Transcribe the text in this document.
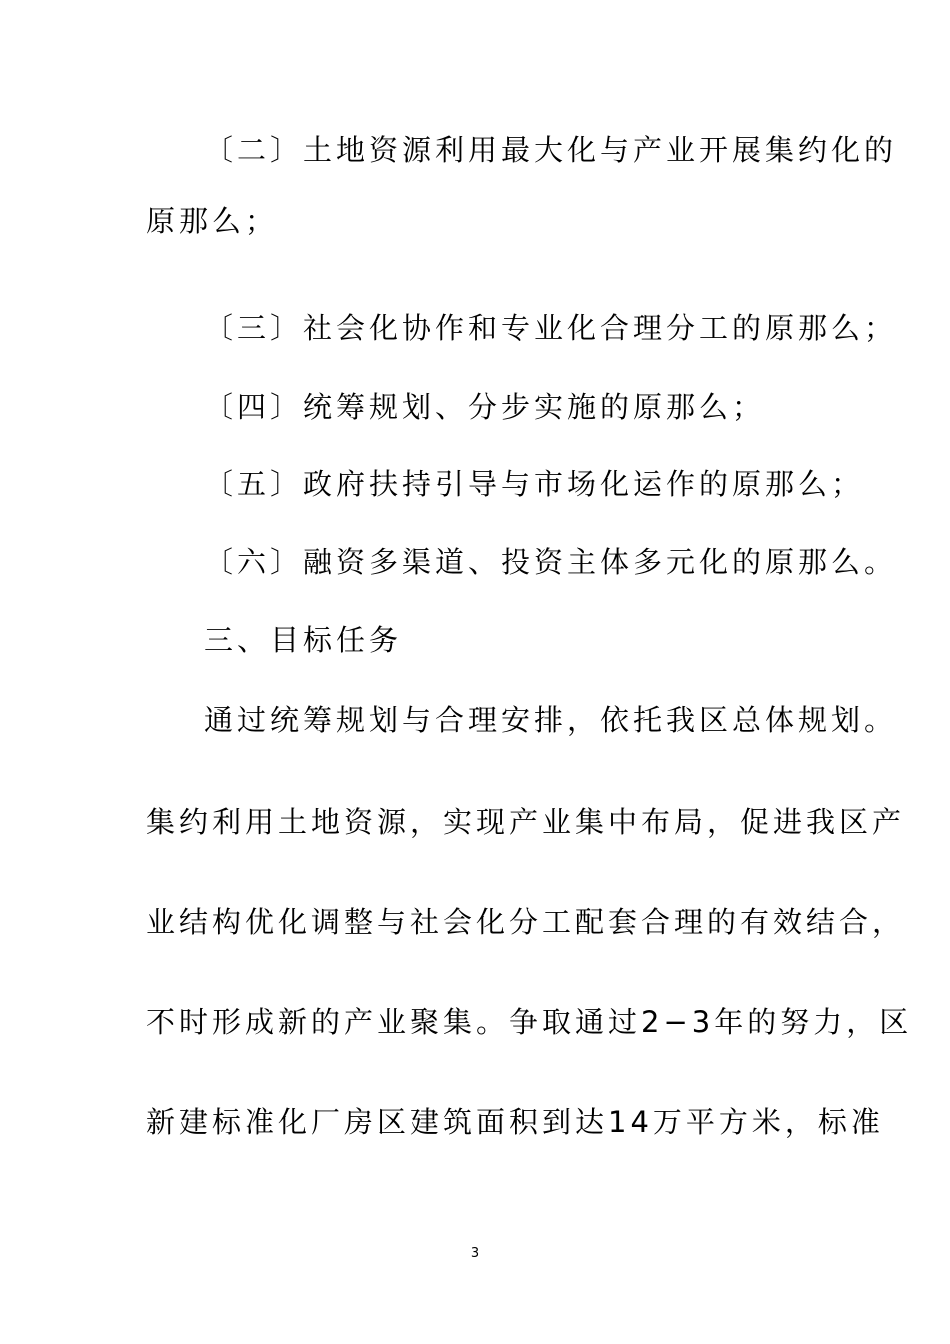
〔二〕土地资源利用最大化与产业开展集约化的
原那么；
〔三〕社会化协作和专业化合理分工的原那么；
〔四〕统筹规划、分步实施的原那么；
〔五〕政府扶持引导与市场化运作的原那么；
〔六〕融资多渠道、投资主体多元化的原那么。
三、目标任务
通过统筹规划与合理安排，依托我区总体规划。
集约利用土地资源，实现产业集中布局，促进我区产
业结构优化调整与社会化分工配套合理的有效结合，
不时形成新的产业聚集。争取通过2−3年的努力，区
新建标准化厂房区建筑面积到达14万平方米，标准
3
